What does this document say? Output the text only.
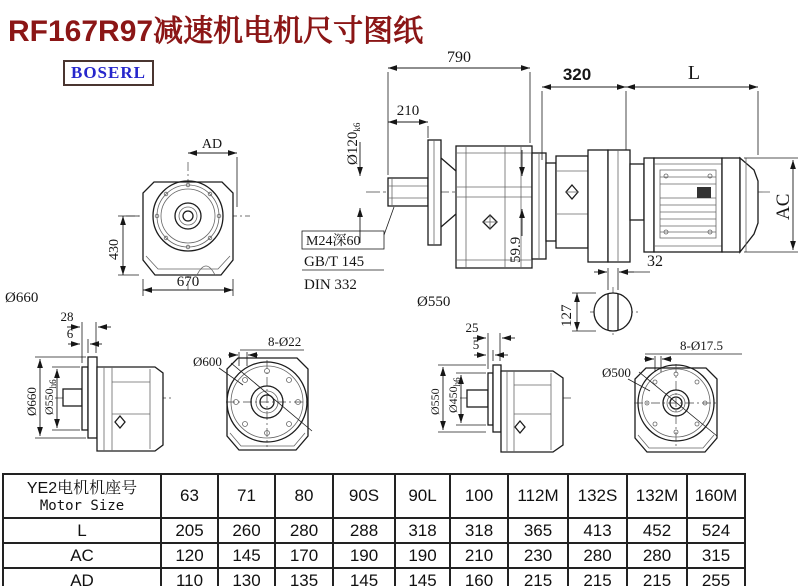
RF167R97减速机电机尺寸图纸
BOSERL
AD
430
670
Ø660
59.9
Ø550
M24深60
GB/T 145
DIN 332
790
210
$Ø120_{k6}$
AC
320	L
32
127
28
6
Ø660 $Ø550_{h6}$
Ø600
8-Ø22
25
5
Ø550 $Ø450_{h6}$
Ø500
8-Ø17.5
YE2电机机座号
Motor Size	63	71	80	90S	90L	100	112M	132S	132M	160M
L	205	260	280	288	318	318	365	413	452	524
AC	120	145	170	190	190	210	230	280	280	315
AD	110	130	135	145	145	160	215	215	215	255
